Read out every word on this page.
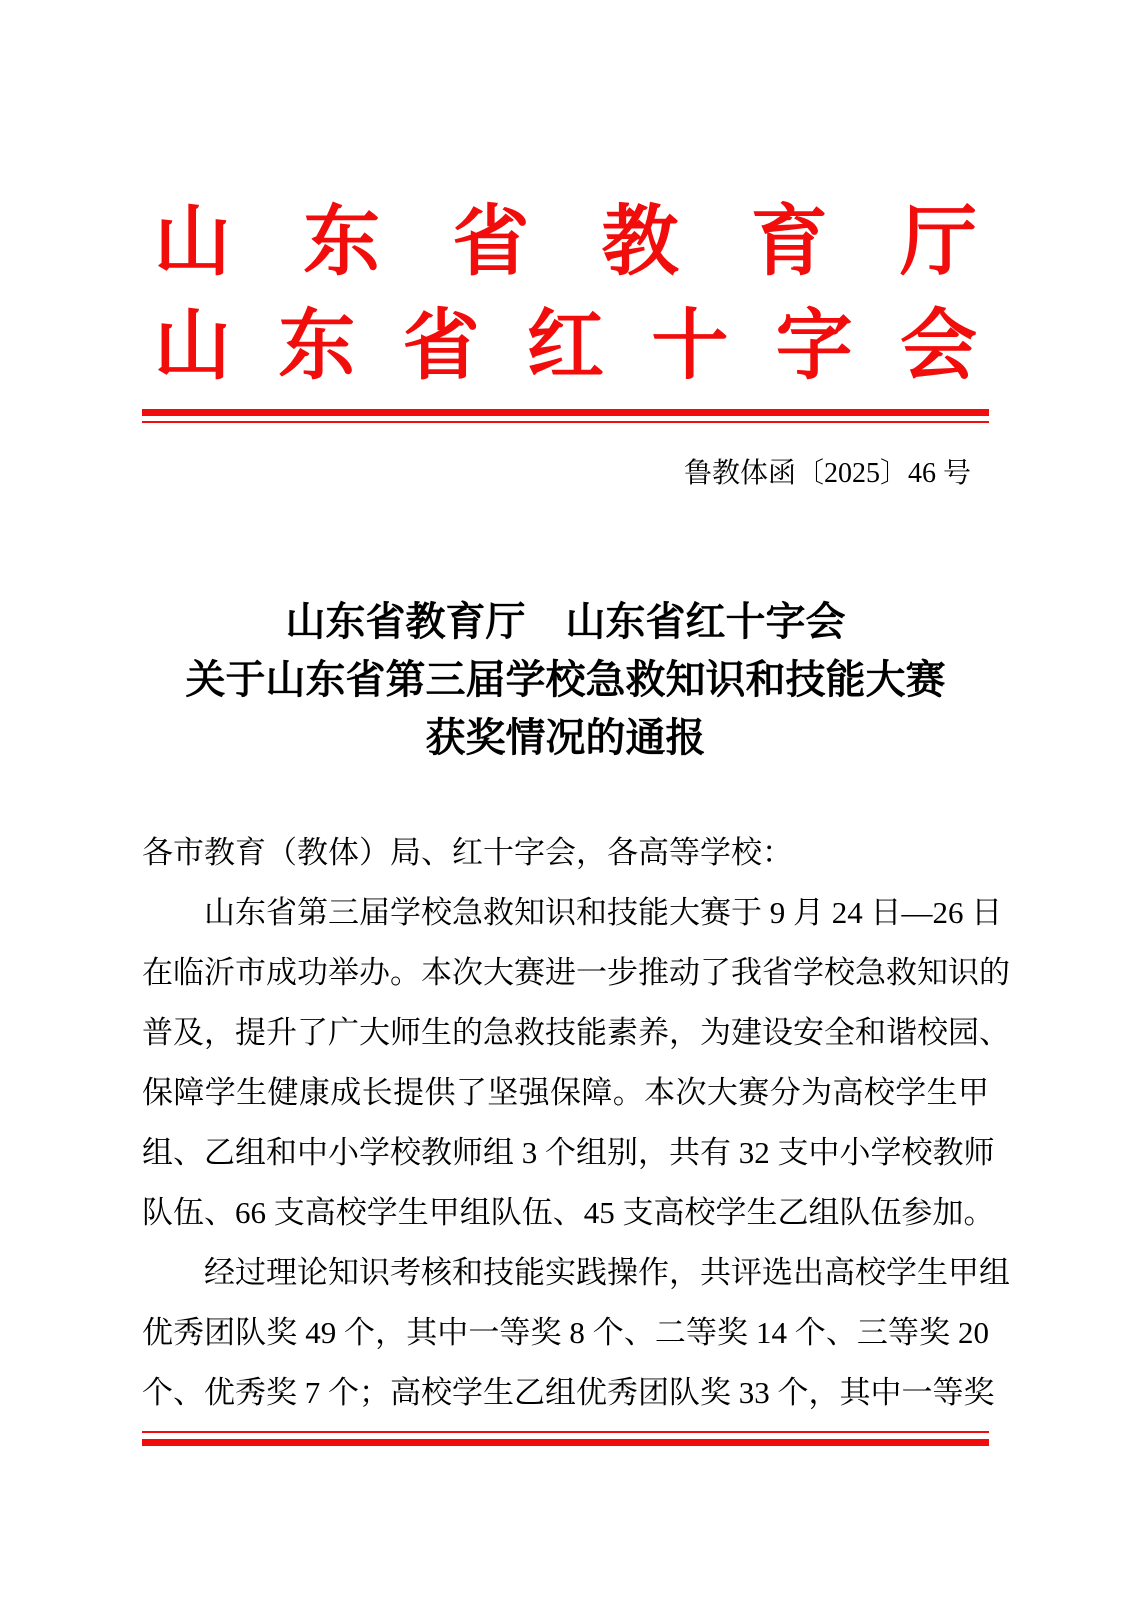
山 东 省 教 育 厅
山 东 省 红 十 字 会
鲁教体函〔2025〕46 号
山东省教育厅　山东省红十字会
关于山东省第三届学校急救知识和技能大赛
获奖情况的通报
各市教育（教体）局、红十字会，各高等学校：
山东省第三届学校急救知识和技能大赛于 9 月 24 日—26 日
在临沂市成功举办。本次大赛进一步推动了我省学校急救知识的
普及，提升了广大师生的急救技能素养，为建设安全和谐校园、
保障学生健康成长提供了坚强保障。本次大赛分为高校学生甲
组、乙组和中小学校教师组 3 个组别，共有 32 支中小学校教师
队伍、66 支高校学生甲组队伍、45 支高校学生乙组队伍参加。
经过理论知识考核和技能实践操作，共评选出高校学生甲组
优秀团队奖 49 个，其中一等奖 8 个、二等奖 14 个、三等奖 20
个、优秀奖 7 个；高校学生乙组优秀团队奖 33 个，其中一等奖
